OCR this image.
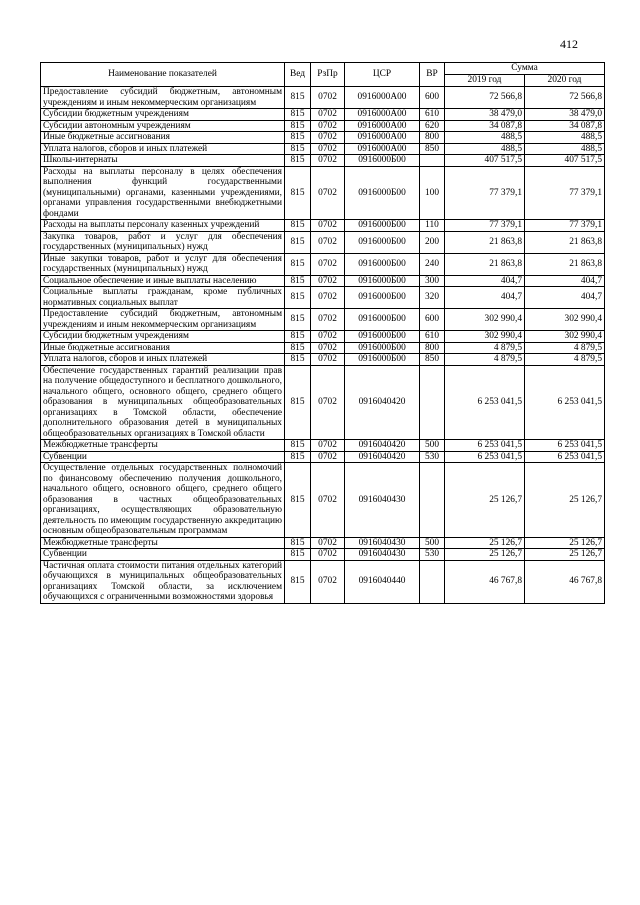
412
Наименование показателей	Вед	РзПр	ЦСР	ВР	Сумма	
					2019 год	2020 год
Предоставление субсидий бюджетным, автономным учреждениям и иным некоммерческим организациям	815	0702	0916000А00	600	72 566,8	72 566,8
Субсидии бюджетным учреждениям	815	0702	0916000А00	610	38 479,0	38 479,0
Субсидии автономным учреждениям	815	0702	0916000А00	620	34 087,8	34 087,8
Иные бюджетные ассигнования	815	0702	0916000А00	800	488,5	488,5
Уплата налогов, сборов и иных платежей	815	0702	0916000А00	850	488,5	488,5
Школы-интернаты	815	0702	0916000Б00		407 517,5	407 517,5
Расходы на выплаты персоналу в целях обеспечения выполнения функций государственными (муниципальными) органами, казенными учреждениями, органами управления государственными внебюджетными фондами	815	0702	0916000Б00	100	77 379,1	77 379,1
Расходы на выплаты персоналу казенных учреждений	815	0702	0916000Б00	110	77 379,1	77 379,1
Закупка товаров, работ и услуг для обеспечения государственных (муниципальных) нужд	815	0702	0916000Б00	200	21 863,8	21 863,8
Иные закупки товаров, работ и услуг для обеспечения государственных (муниципальных) нужд	815	0702	0916000Б00	240	21 863,8	21 863,8
Социальное обеспечение и иные выплаты населению	815	0702	0916000Б00	300	404,7	404,7
Социальные выплаты гражданам, кроме публичных нормативных социальных выплат	815	0702	0916000Б00	320	404,7	404,7
Предоставление субсидий бюджетным, автономным учреждениям и иным некоммерческим организациям	815	0702	0916000Б00	600	302 990,4	302 990,4
Субсидии бюджетным учреждениям	815	0702	0916000Б00	610	302 990,4	302 990,4
Иные бюджетные ассигнования	815	0702	0916000Б00	800	4 879,5	4 879,5
Уплата налогов, сборов и иных платежей	815	0702	0916000Б00	850	4 879,5	4 879,5
Обеспечение государственных гарантий реализации прав на получение общедоступного и бесплатного дошкольного, начального общего, основного общего, среднего общего образования в муниципальных общеобразовательных организациях в Томской области, обеспечение дополнительного образования детей в муниципальных общеобразовательных организациях в Томской области	815	0702	0916040420		6 253 041,5	6 253 041,5
Межбюджетные трансферты	815	0702	0916040420	500	6 253 041,5	6 253 041,5
Субвенции	815	0702	0916040420	530	6 253 041,5	6 253 041,5
Осуществление отдельных государственных полномочий по финансовому обеспечению получения дошкольного, начального общего, основного общего, среднего общего образования в частных общеобразовательных организациях, осуществляющих образовательную деятельность по имеющим государственную аккредитацию основным общеобразовательным программам	815	0702	0916040430		25 126,7	25 126,7
Межбюджетные трансферты	815	0702	0916040430	500	25 126,7	25 126,7
Субвенции	815	0702	0916040430	530	25 126,7	25 126,7
Частичная оплата стоимости питания отдельных категорий обучающихся в муниципальных общеобразовательных организациях Томской области, за исключением обучающихся с ограниченными возможностями здоровья	815	0702	0916040440		46 767,8	46 767,8
